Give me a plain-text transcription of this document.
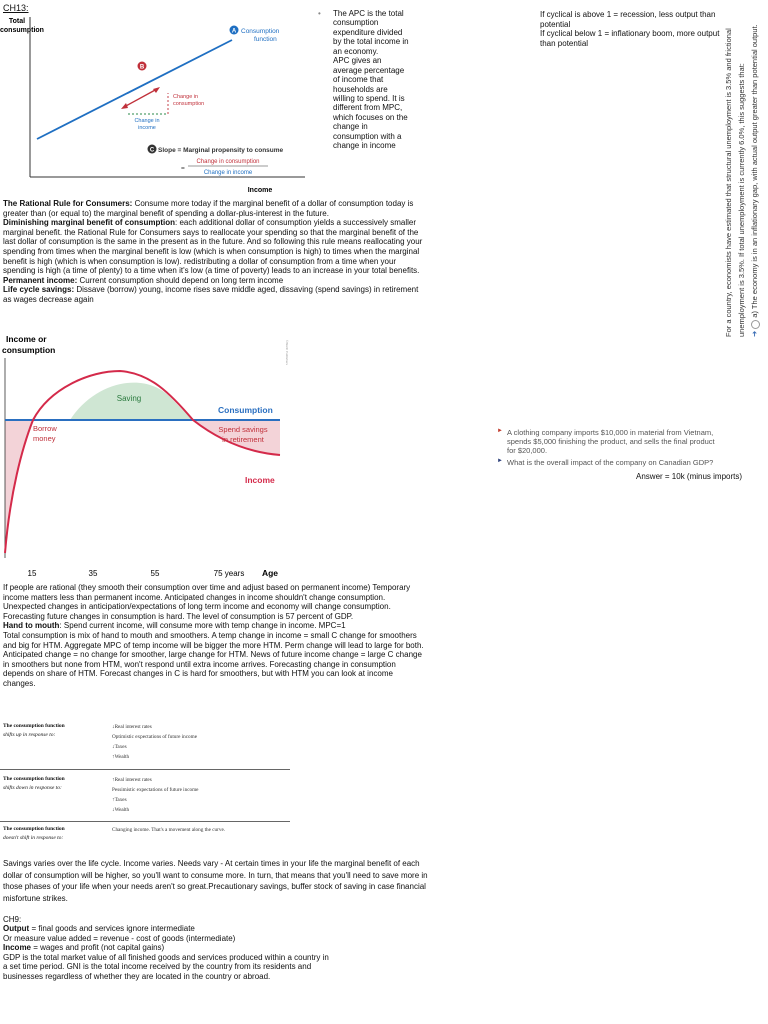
CH13:
Total
consumption
Income
A Consumption
function
B
Change in
consumption
Change in
income
C Slope = Marginal propensity to consume
=
Change in consumption
Change in income
• The APC is the total
consumption
expenditure divided
by the total income in
an economy.
APC gives an
average percentage
of income that
households are
willing to spend. It is
different from MPC,
which focuses on the
change in
consumption with a
change in income

The Rational Rule for Consumers: Consume more today if the marginal benefit of a dollar of consumption today is greater than (or equal to) the marginal benefit of spending a dollar-plus-interest in the future.

Diminishing marginal benefit of consumption: each additional dollar of consumption yields a successively smaller marginal benefit. the Rational Rule for Consumers says to reallocate your spending so that the marginal benefit of the last dollar of consumption is the same in the present as in the future. And so following this rule means reallocating your spending from times when the marginal benefit is low (which is when consumption is high) to times when the marginal benefit is high (which is when consumption is low). redistributing a dollar of consumption from a time when your spending is high (a time of plenty) to a time when it's low (a time of poverty) leads to an increase in your total benefits.

Permanent income: Current consumption should depend on long term income

Life cycle savings: Dissave (borrow) young, income rises save middle aged, dissaving (spend savings) in retirement as wages decrease again

Income or
consumption
Saving
Consumption
Borrow
money
Spend savings
in retirement
Income
15	35	55	75 years Age
©Worth Publishers

If people are rational (they smooth their consumption over time and adjust based on permanent income) Temporary income matters less than permanent income. Anticipated changes in income shouldn't change consumption. Unexpected changes in anticipation/expectations of long term income and economy will change consumption. Forecasting future changes in consumption is hard. The level of consumption is 57 percent of GDP.

Hand to mouth: Spend current income, will consume more with temp change in income. MPC=1

Total consumption is mix of hand to mouth and smoothers. A temp change in income = small C change for smoothers and big for HTM. Aggregate MPC of temp income will be bigger the more HTM. Perm change will lead to large for both. Anticipated change = no change for smoother, large change for HTM. News of future income change = large C change in smoothers but none from HTM, won't respond until extra income arrives. Forecasting change in consumption depends on share of HTM. Forecast changes in C is hard for smoothers, but with HTM you can look at income changes.

The consumption function
shifts up in response to:
↓Real interest rates
Optimistic expectations of future income
↓Taxes
↑Wealth
The consumption function
shifts down in response to:
↑Real interest rates
Pessimistic expectations of future income
↑Taxes
↓Wealth
The consumption function
doesn't shift in response to:
Changing income. That's a movement along the curve.
Savings varies over the life cycle. Income varies. Needs vary - At certain times in your life the marginal benefit of each dollar of consumption will be higher, so you'll want to consume more. In turn, that means that you'll need to save more in those phases of your life when your needs aren't so great.Precautionary savings, buffer stock of saving in case financial misfortune strikes.

CH9:

Output = final goods and services ignore intermediate

Or measure value added = revenue - cost of goods (intermediate)

Income = wages and profit (not capital gains)

GDP is the total market value of all finished goods and services produced within a country in a set time period. GNI is the total income received by the country from its residents and businesses regardless of whether they are located in the country or abroad.

If cyclical is above 1 = recession, less output than potential

If cyclical below 1 = inflationary boom, more output than potential	For a country, economists have estimated that structural unemployment is 3.5% and frictional unemployment is 3.5%. If total unemployment is currently 6.0%, this suggests that: ➜a) The economy is in an inflationary gap, with actual output greater than potential output.
► A clothing company imports $10,000 in material from Vietnam, spends $5,000 finishing the product, and sells the final product for $20,000.
► What is the overall impact of the company on Canadian GDP?
Answer = 10k (minus imports)
